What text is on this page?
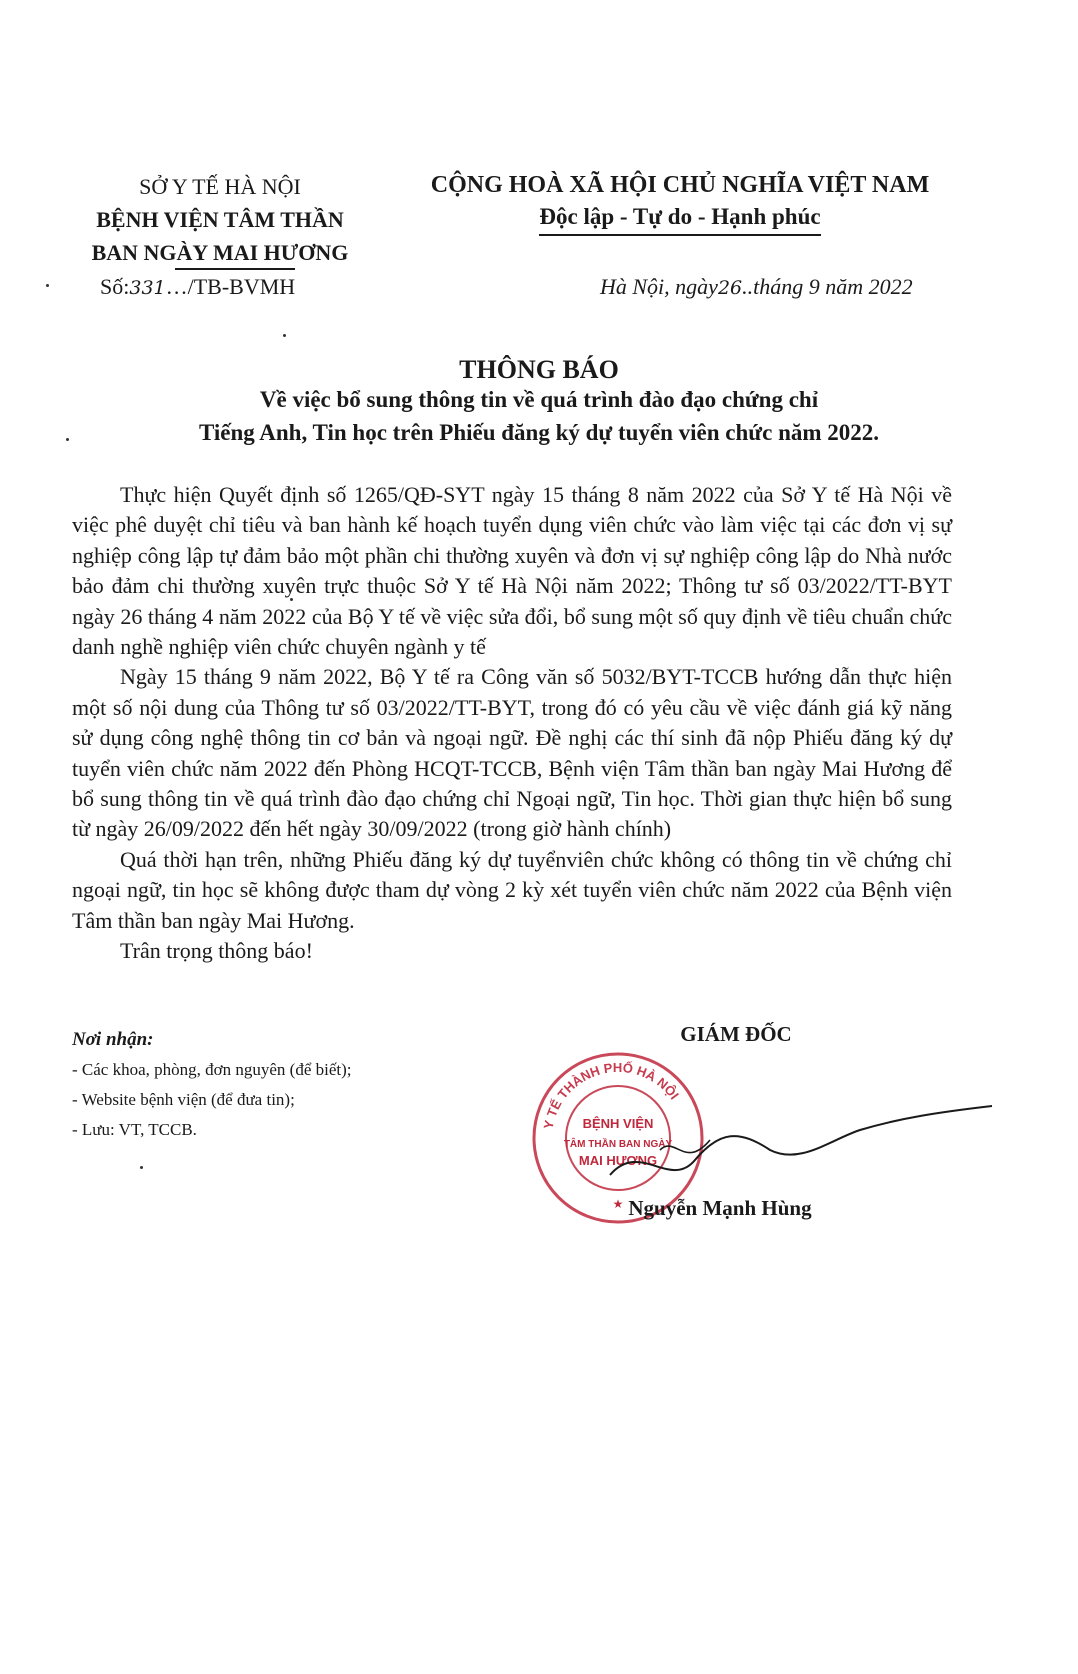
SỞ Y TẾ HÀ NỘI
BỆNH VIỆN TÂM THẦN
BAN NGÀY MAI HƯƠNG
Số:331…/TB-BVMH
CỘNG HOÀ XÃ HỘI CHỦ NGHĨA VIỆT NAM
Độc lập - Tự do - Hạnh phúc
Hà Nội, ngày26..tháng 9 năm 2022
THÔNG BÁO
Về việc bổ sung thông tin về quá trình đào đạo chứng chỉ
Tiếng Anh, Tin học trên Phiếu đăng ký dự tuyển viên chức năm 2022.

Thực hiện Quyết định số 1265/QĐ-SYT ngày 15 tháng 8 năm 2022 của Sở Y tế Hà Nội về việc phê duyệt chỉ tiêu và ban hành kế hoạch tuyển dụng viên chức vào làm việc tại các đơn vị sự nghiệp công lập tự đảm bảo một phần chi thường xuyên và đơn vị sự nghiệp công lập do Nhà nước bảo đảm chi thường xuyên trực thuộc Sở Y tế Hà Nội năm 2022; Thông tư số 03/2022/TT-BYT ngày 26 tháng 4 năm 2022 của Bộ Y tế về việc sửa đổi, bổ sung một số quy định về tiêu chuẩn chức danh nghề nghiệp viên chức chuyên ngành y tế

Ngày 15 tháng 9 năm 2022, Bộ Y tế ra Công văn số 5032/BYT-TCCB hướng dẫn thực hiện một số nội dung của Thông tư số 03/2022/TT-BYT, trong đó có yêu cầu về việc đánh giá kỹ năng sử dụng công nghệ thông tin cơ bản và ngoại ngữ. Đề nghị các thí sinh đã nộp Phiếu đăng ký dự tuyển viên chức năm 2022 đến Phòng HCQT-TCCB, Bệnh viện Tâm thần ban ngày Mai Hương để bổ sung thông tin về quá trình đào đạo chứng chỉ Ngoại ngữ, Tin học. Thời gian thực hiện bổ sung từ ngày 26/09/2022 đến hết ngày 30/09/2022 (trong giờ hành chính)

Quá thời hạn trên, những Phiếu đăng ký dự tuyểnviên chức không có thông tin về chứng chỉ ngoại ngữ, tin học sẽ không được tham dự vòng 2 kỳ xét tuyển viên chức năm 2022 của Bệnh viện Tâm thần ban ngày Mai Hương.

Trân trọng thông báo!

Nơi nhận:
- Các khoa, phòng, đơn nguyên (để biết);
- Website bệnh viện (để đưa tin);
- Lưu: VT, TCCB.
GIÁM ĐỐC
Y TẾ THÀNH PHỐ HÀ NỘI
BỆNH VIỆN
TÂM THẦN BAN NGÀY
MAI HƯƠNG
★ Nguyễn Mạnh Hùng
